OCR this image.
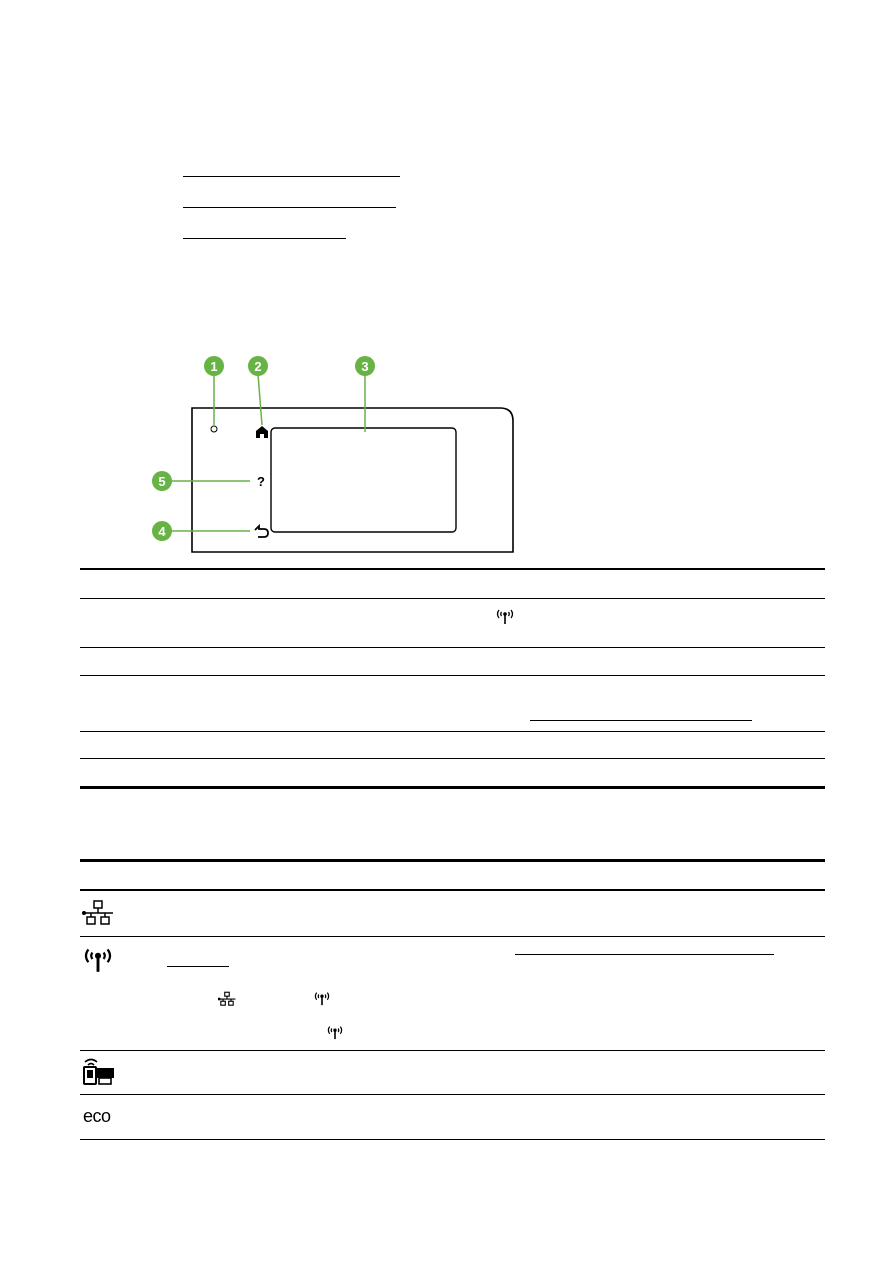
?
1	2	3
5
4
eco
